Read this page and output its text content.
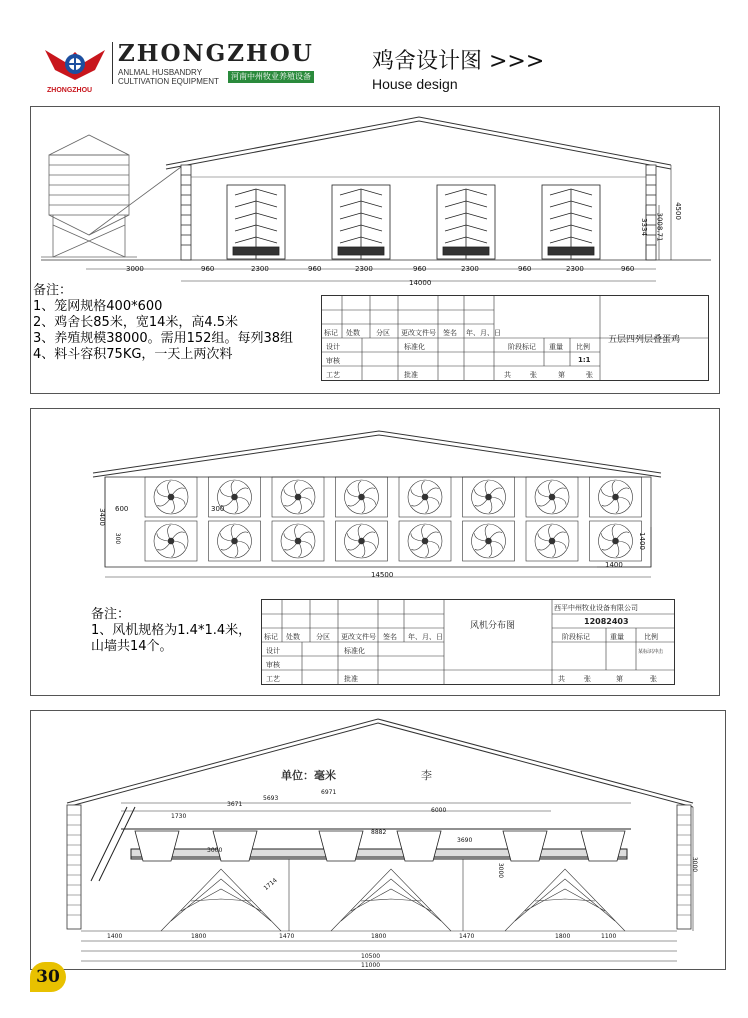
ZHONGZHOU
ZHONGZHOU
ANLMAL HUSBANDRY
CULTIVATION EQUIPMENT
河南中州牧业养殖设备
鸡舍设计图 >>>
House design
3000	960	2300	960	2300	960	2300	960	2300	960
14000
3334 3008.71
4500
备注：
1、笼网规格400*600
2、鸡舍长85米，宽14米，高4.5米
3、养殖规模38000。需用152组。每列38组
4、料斗容积75KG，一天上两次料
标记 处数 分区 更改文件号 签名 年、月、日
设计	标准化
审核
工艺	批准
阶段标记 重量 比例
1:1
共	张	第	张
五层四列层叠蛋鸡
600	300
3400
300	1400
14500
1400
备注：
1、风机规格为1.4*1.4米，
山墙共14个。
标记 处数 分区 更改文件号 签名 年、月、日
设计	标准化
审核
工艺	批准
风机分布图
西平中州牧业设备有限公司
12082403
阶段标记	重量	比例
某标识冲击
共	张	第	张
单位：毫米	李
1730
3671
5693
6971
6000
8882
3690
3000
1400	1800	1470	1800	1470	1800
10500
11000
1100
3000
1714
3000
30
